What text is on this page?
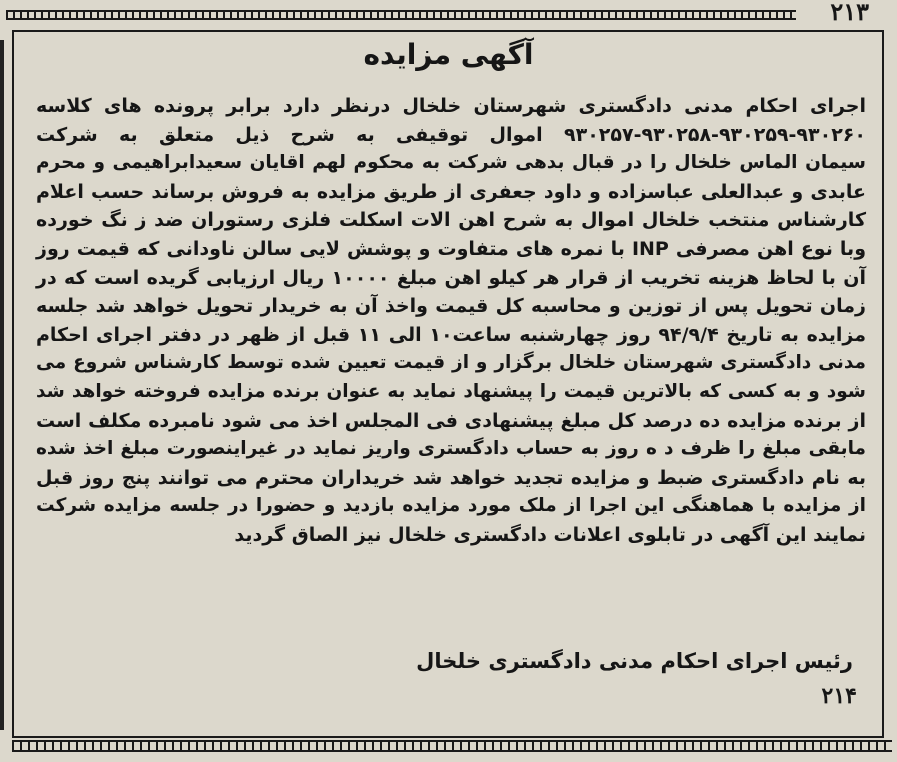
۲۱۳
آگهی مزایده
اجرای احکام مدنی دادگستری شهرستان خلخال درنظر دارد برابر پرونده های کلاسه
۹۳۰۲۵۷-۹۳۰۲۵۸-۹۳۰۲۵۹-۹۳۰۲۶۰ اموال توقیفی به شرح ذیل متعلق به شرکت
سیمان الماس خلخال را در قبال بدهی شرکت به محکوم لهم اقایان سعیدابراهیمی و محرم
عابدی و عبدالعلی عباسزاده و داود جعفری از طریق مزایده به فروش برساند حسب اعلام
کارشناس منتخب خلخال اموال به شرح اهن الات اسکلت فلزی رستوران ضد ز نگ خورده
وبا نوع اهن مصرفی INP با نمره های متفاوت و پوشش لایی سالن ناودانی که قیمت روز
آن با لحاظ هزینه تخریب از قرار هر کیلو اهن مبلغ ۱۰۰۰۰ ریال ارزیابی گریده است که در
زمان تحویل پس از توزین و محاسبه کل قیمت واخذ آن به خریدار تحویل خواهد شد جلسه
مزایده به تاریخ ۹۴/۹/۴ روز چهارشنبه ساعت۱۰ الی ۱۱ قبل از ظهر در دفتر اجرای احکام
مدنی دادگستری شهرستان خلخال برگزار و از قیمت تعیین شده توسط کارشناس شروع می
شود و به کسی که بالاترین قیمت را پیشنهاد نماید به عنوان برنده مزایده فروخته خواهد شد
از برنده مزایده ده درصد کل مبلغ پیشنهادی فی المجلس اخذ می شود نامبرده مکلف است
مابقی مبلغ را ظرف د ه روز به حساب دادگستری واریز نماید در غیراینصورت مبلغ اخذ شده
به نام دادگستری ضبط و مزایده تجدید خواهد شد خریداران محترم می توانند پنج روز قبل
از مزایده با هماهنگی این اجرا از ملک مورد مزایده بازدید و حضورا در جلسه مزایده شرکت
نمایند این آگهی در تابلوی اعلانات دادگستری خلخال نیز الصاق گردید
رئیس اجرای احکام مدنی دادگستری خلخال
۲۱۴
